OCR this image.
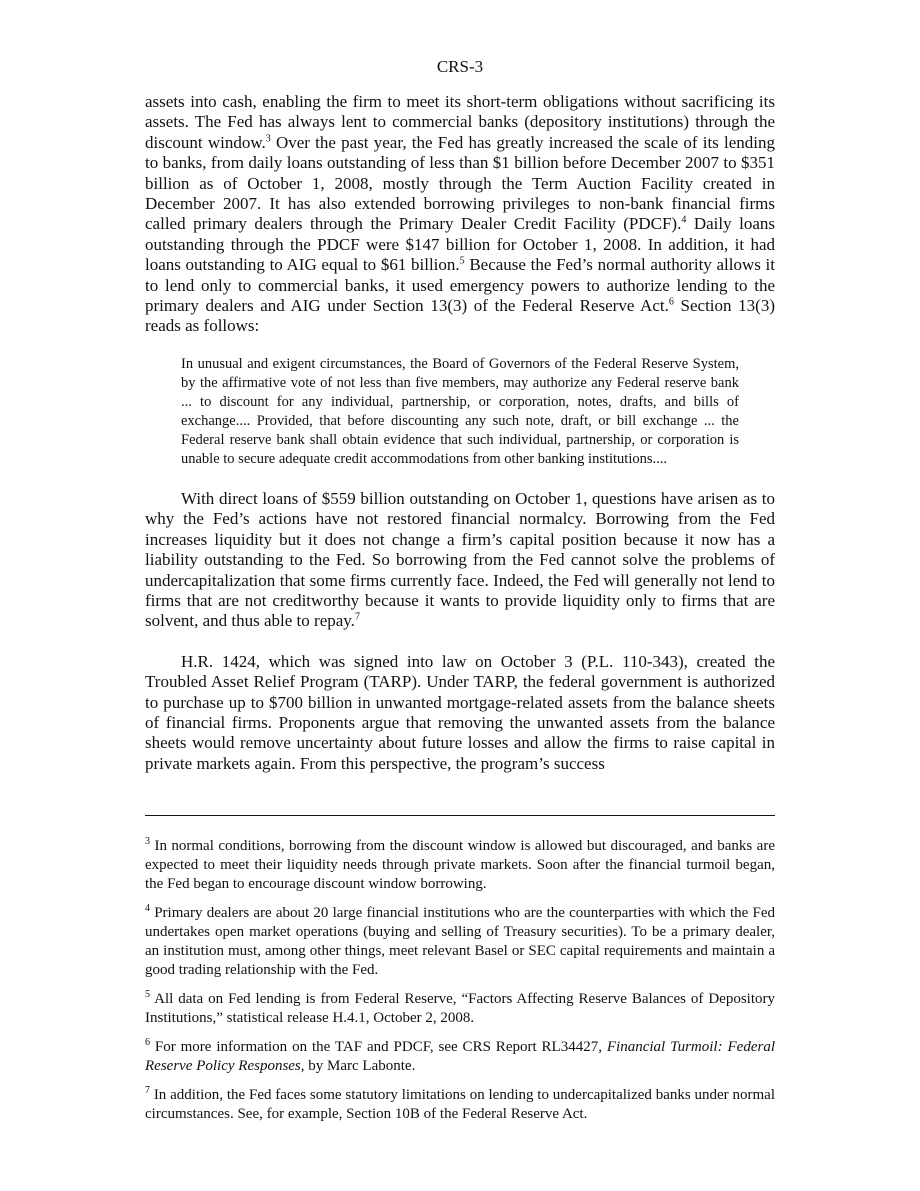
CRS-3

assets into cash, enabling the firm to meet its short-term obligations without sacrificing its assets. The Fed has always lent to commercial banks (depository institutions) through the discount window.$^3$ Over the past year, the Fed has greatly increased the scale of its lending to banks, from daily loans outstanding of less than $1 billion before December 2007 to $351 billion as of October 1, 2008, mostly through the Term Auction Facility created in December 2007. It has also extended borrowing privileges to non-bank financial firms called primary dealers through the Primary Dealer Credit Facility (PDCF).$^4$ Daily loans outstanding through the PDCF were $147 billion for October 1, 2008. In addition, it had loans outstanding to AIG equal to $61 billion.$^5$ Because the Fed’s normal authority allows it to lend only to commercial banks, it used emergency powers to authorize lending to the primary dealers and AIG under Section 13(3) of the Federal Reserve Act.$^6$ Section 13(3) reads as follows:

In unusual and exigent circumstances, the Board of Governors of the Federal Reserve System, by the affirmative vote of not less than five members, may authorize any Federal reserve bank ... to discount for any individual, partnership, or corporation, notes, drafts, and bills of exchange.... Provided, that before discounting any such note, draft, or bill exchange ... the Federal reserve bank shall obtain evidence that such individual, partnership, or corporation is unable to secure adequate credit accommodations from other banking institutions....

With direct loans of $559 billion outstanding on October 1, questions have arisen as to why the Fed’s actions have not restored financial normalcy. Borrowing from the Fed increases liquidity but it does not change a firm’s capital position because it now has a liability outstanding to the Fed. So borrowing from the Fed cannot solve the problems of undercapitalization that some firms currently face. Indeed, the Fed will generally not lend to firms that are not creditworthy because it wants to provide liquidity only to firms that are solvent, and thus able to repay.$^7$

H.R. 1424, which was signed into law on October 3 (P.L. 110-343), created the Troubled Asset Relief Program (TARP). Under TARP, the federal government is authorized to purchase up to $700 billion in unwanted mortgage-related assets from the balance sheets of financial firms. Proponents argue that removing the unwanted assets from the balance sheets would remove uncertainty about future losses and allow the firms to raise capital in private markets again. From this perspective, the program’s success

$^3$ In normal conditions, borrowing from the discount window is allowed but discouraged, and banks are expected to meet their liquidity needs through private markets. Soon after the financial turmoil began, the Fed began to encourage discount window borrowing.

$^4$ Primary dealers are about 20 large financial institutions who are the counterparties with which the Fed undertakes open market operations (buying and selling of Treasury securities). To be a primary dealer, an institution must, among other things, meet relevant Basel or SEC capital requirements and maintain a good trading relationship with the Fed.

$^5$ All data on Fed lending is from Federal Reserve, “Factors Affecting Reserve Balances of Depository Institutions,” statistical release H.4.1, October 2, 2008.

$^6$ For more information on the TAF and PDCF, see CRS Report RL34427, Financial Turmoil: Federal Reserve Policy Responses, by Marc Labonte.

$^7$ In addition, the Fed faces some statutory limitations on lending to undercapitalized banks under normal circumstances. See, for example, Section 10B of the Federal Reserve Act.
